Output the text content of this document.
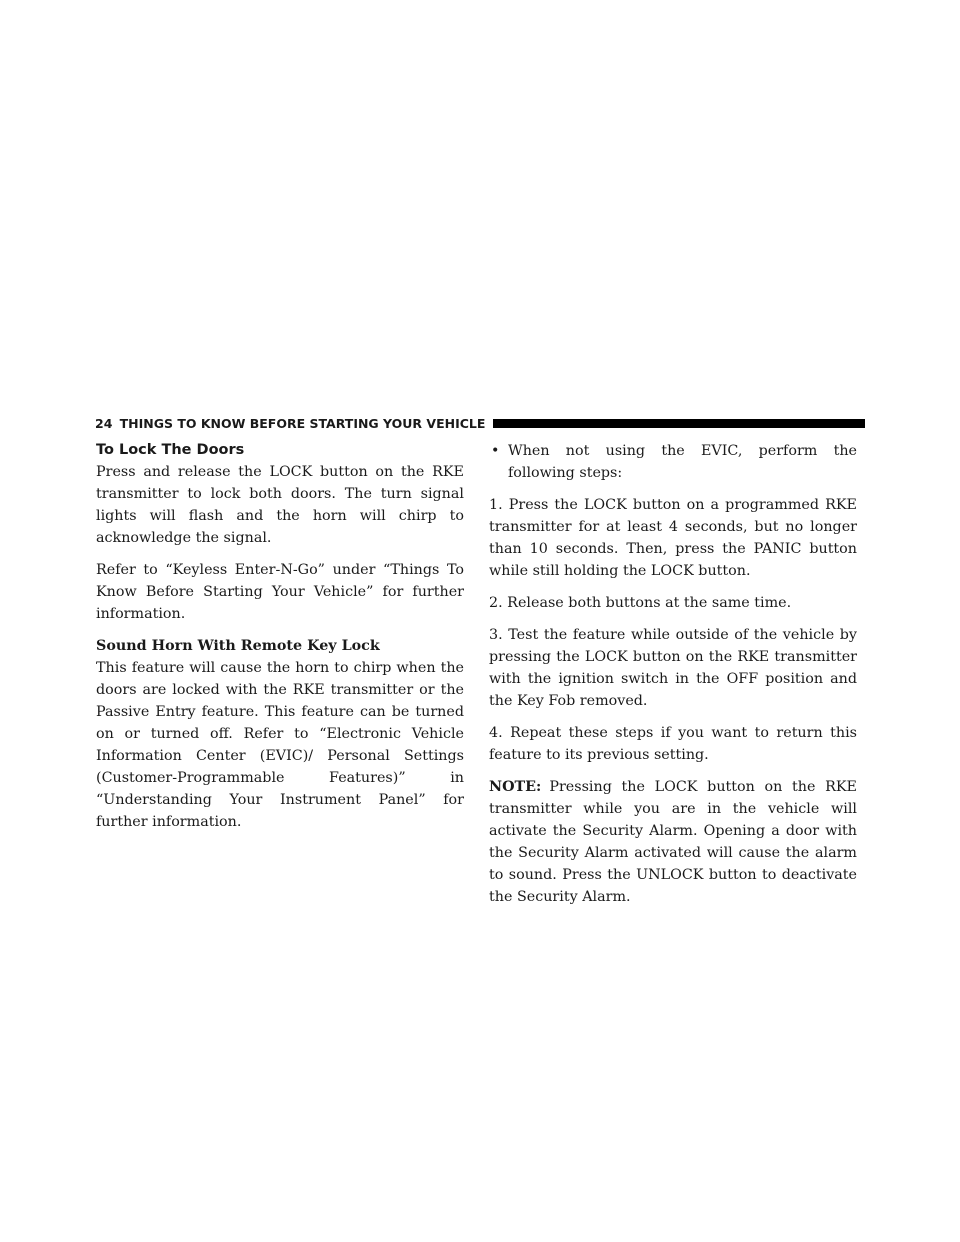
24 THINGS TO KNOW BEFORE STARTING YOUR VEHICLE
To Lock The Doors

Press and release the LOCK button on the RKE transmitter to lock both doors. The turn signal lights will flash and the horn will chirp to acknowledge the signal.

Refer to “Keyless Enter-N-Go” under “Things To Know Before Starting Your Vehicle” for further information.

Sound Horn With Remote Key Lock

This feature will cause the horn to chirp when the doors are locked with the RKE transmitter or the Passive Entry feature. This feature can be turned on or turned off. Refer to “Electronic Vehicle Information Center (EVIC)/ Personal Settings (Customer-Programmable Features)” in “Understanding Your Instrument Panel” for further information.

• When not using the EVIC, perform the following steps:

1. Press the LOCK button on a programmed RKE transmitter for at least 4 seconds, but no longer than 10 seconds. Then, press the PANIC button while still holding the LOCK button.

2. Release both buttons at the same time.

3. Test the feature while outside of the vehicle by pressing the LOCK button on the RKE transmitter with the ignition switch in the OFF position and the Key Fob removed.

4. Repeat these steps if you want to return this feature to its previous setting.

NOTE: Pressing the LOCK button on the RKE transmitter while you are in the vehicle will activate the Security Alarm. Opening a door with the Security Alarm activated will cause the alarm to sound. Press the UNLOCK button to deactivate the Security Alarm.
